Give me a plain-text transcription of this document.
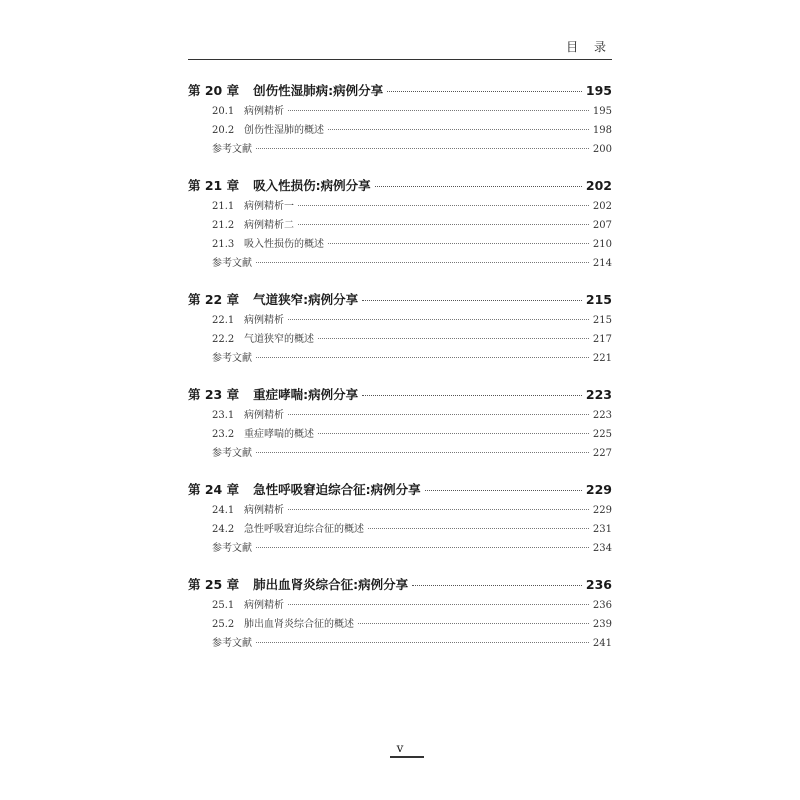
目 录
第 20 章 创伤性湿肺病:病例分享	195
20.1 病例精析	195
20.2 创伤性湿肺的概述	198
参考文献	200
第 21 章 吸入性损伤:病例分享	202
21.1 病例精析一	202
21.2 病例精析二	207
21.3 吸入性损伤的概述	210
参考文献	214
第 22 章 气道狭窄:病例分享	215
22.1 病例精析	215
22.2 气道狭窄的概述	217
参考文献	221
第 23 章 重症哮喘:病例分享	223
23.1 病例精析	223
23.2 重症哮喘的概述	225
参考文献	227
第 24 章 急性呼吸窘迫综合征:病例分享	229
24.1 病例精析	229
24.2 急性呼吸窘迫综合征的概述	231
参考文献	234
第 25 章 肺出血肾炎综合征:病例分享	236
25.1 病例精析	236
25.2 肺出血肾炎综合征的概述	239
参考文献	241
v
